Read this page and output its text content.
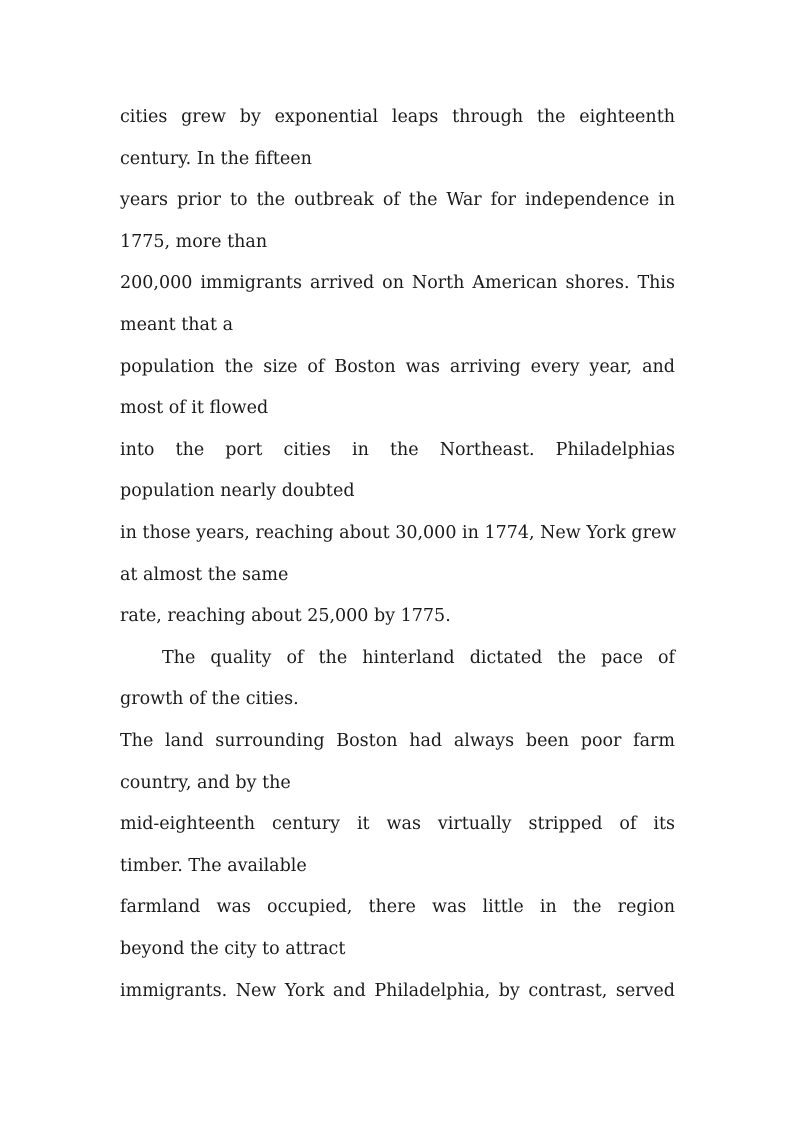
cities grew by exponential leaps through the eighteenth
century. In the fifteen
years prior to the outbreak of the War for independence in
1775, more than
200,000 immigrants arrived on North American shores. This
meant that a
population the size of Boston was arriving every year, and
most of it flowed
into the port cities in the Northeast. Philadelphias
population nearly doubted
in those years, reaching about 30,000 in 1774, New York grew
at almost the same
rate, reaching about 25,000 by 1775.
The quality of the hinterland dictated the pace of
growth of the cities.
The land surrounding Boston had always been poor farm
country, and by the
mid-eighteenth century it was virtually stripped of its
timber. The available
farmland was occupied, there was little in the region
beyond the city to attract
immigrants. New York and Philadelphia, by contrast, served
